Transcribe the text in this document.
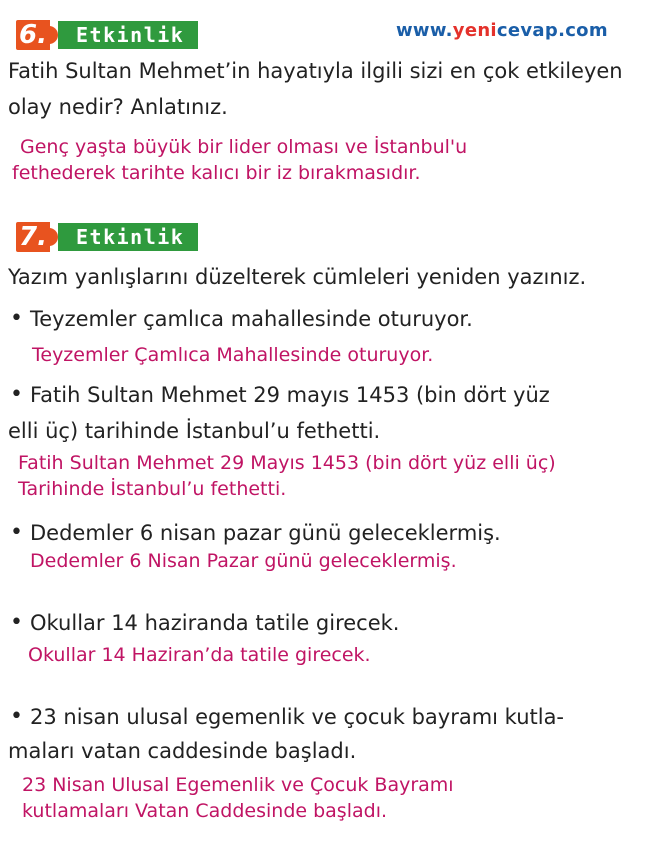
6.	Etkinlik	www.yenicevap.com
Fatih Sultan Mehmet’in hayatıyla ilgili sizi en çok etkileyen
olay nedir? Anlatınız.
Genç yaşta büyük bir lider olması ve İstanbul'u
fethederek tarihte kalıcı bir iz bırakmasıdır.
7.	Etkinlik
Yazım yanlışlarını düzelterek cümleleri yeniden yazınız.
• Teyzemler çamlıca mahallesinde oturuyor.
Teyzemler Çamlıca Mahallesinde oturuyor.
• Fatih Sultan Mehmet 29 mayıs 1453 (bin dört yüz
elli üç) tarihinde İstanbul’u fethetti.
Fatih Sultan Mehmet 29 Mayıs 1453 (bin dört yüz elli üç)
Tarihinde İstanbul’u fethetti.
• Dedemler 6 nisan pazar günü geleceklermiş.
Dedemler 6 Nisan Pazar günü geleceklermiş.
• Okullar 14 haziranda tatile girecek.
Okullar 14 Haziran’da tatile girecek.
• 23 nisan ulusal egemenlik ve çocuk bayramı kutla-
maları vatan caddesinde başladı.
23 Nisan Ulusal Egemenlik ve Çocuk Bayramı
kutlamaları Vatan Caddesinde başladı.
